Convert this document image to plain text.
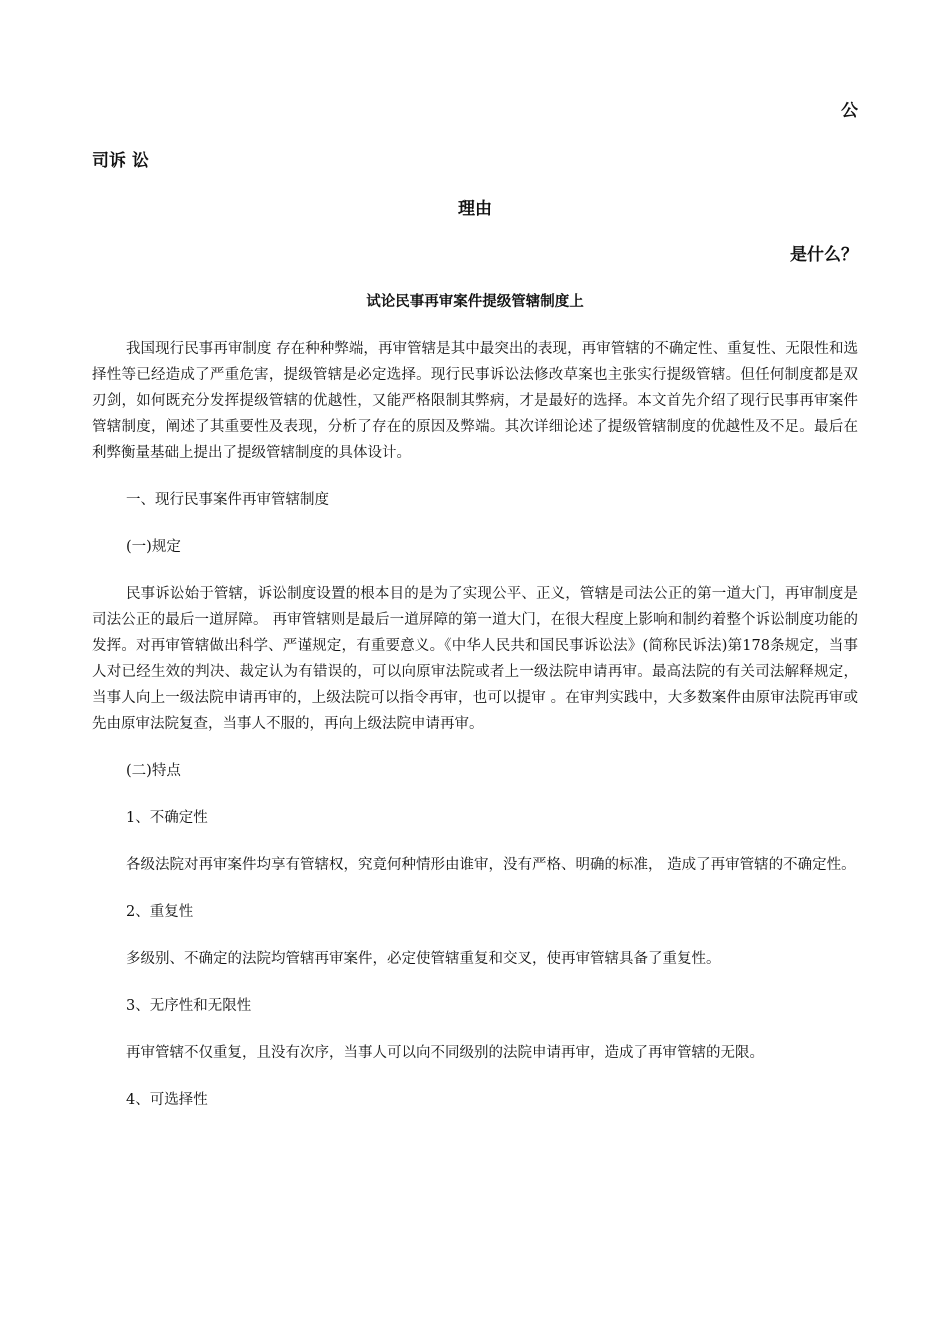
公
司诉 讼
理由
是什么？
试论民事再审案件提级管辖制度上

我国现行民事再审制度 存在种种弊端，再审管辖是其中最突出的表现，再审管辖的不确定性、重复性、无限性和选择性等已经造成了严重危害，提级管辖是必定选择。现行民事诉讼法修改草案也主张实行提级管辖。但任何制度都是双刃剑，如何既充分发挥提级管辖的优越性，又能严格限制其弊病，才是最好的选择。本文首先介绍了现行民事再审案件管辖制度，阐述了其重要性及表现，分析了存在的原因及弊端。其次详细论述了提级管辖制度的优越性及不足。最后在利弊衡量基础上提出了提级管辖制度的具体设计。

一、现行民事案件再审管辖制度

(一)规定

民事诉讼始于管辖，诉讼制度设置的根本目的是为了实现公平、正义，管辖是司法公正的第一道大门，再审制度是司法公正的最后一道屏障。 再审管辖则是最后一道屏障的第一道大门，在很大程度上影响和制约着整个诉讼制度功能的发挥。对再审管辖做出科学、严谨规定，有重要意义。《中华人民共和国民事诉讼法》(简称民诉法)第178条规定，当事人对已经生效的判决、裁定认为有错误的，可以向原审法院或者上一级法院申请再审。最高法院的有关司法解释规定，当事人向上一级法院申请再审的，上级法院可以指令再审，也可以提审 。在审判实践中，大多数案件由原审法院再审或先由原审法院复查，当事人不服的，再向上级法院申请再审。

(二)特点

1、不确定性

各级法院对再审案件均享有管辖权，究竟何种情形由谁审，没有严格、明确的标准， 造成了再审管辖的不确定性。

2、重复性

多级别、不确定的法院均管辖再审案件，必定使管辖重复和交叉，使再审管辖具备了重复性。

3、无序性和无限性

再审管辖不仅重复，且没有次序，当事人可以向不同级别的法院申请再审，造成了再审管辖的无限。

4、可选择性
